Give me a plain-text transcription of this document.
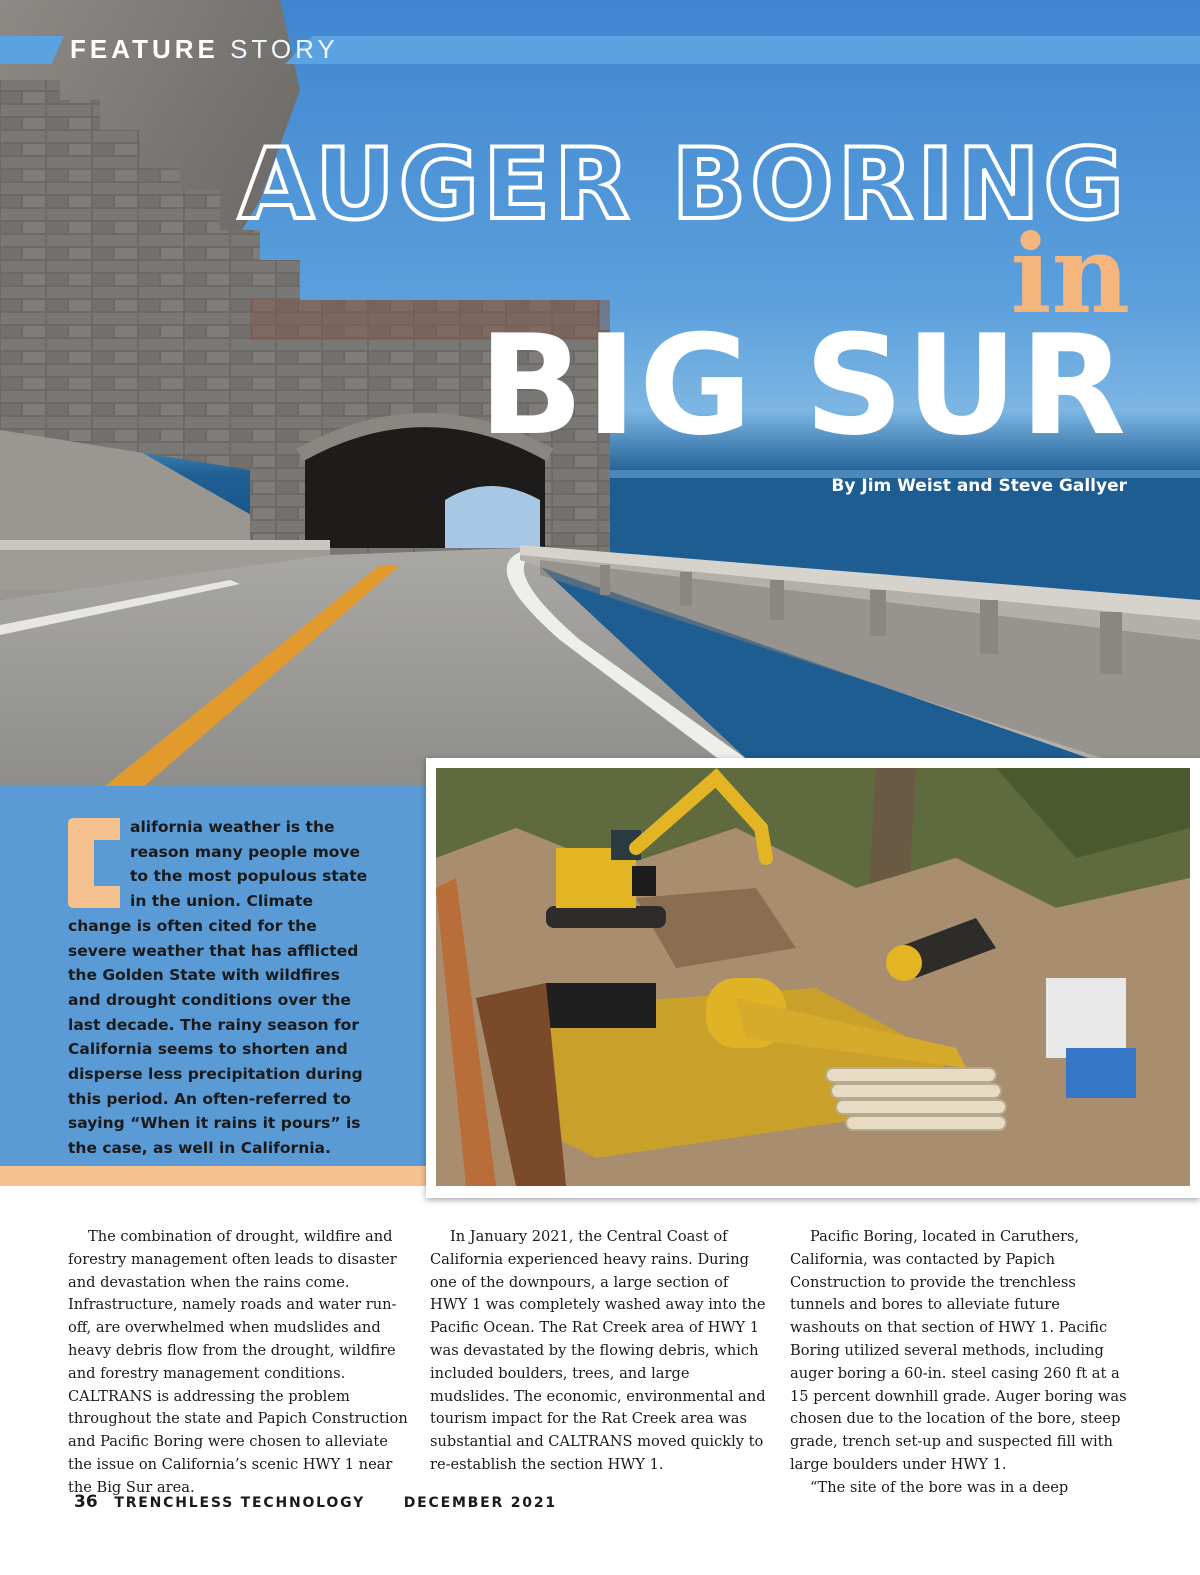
FEATURE STORY
AUGER BORING
in
BIG SUR
By Jim Weist and Steve Gallyer
alifornia weather is the reason many people move to the most populous state in the union. Climate change is often cited for the severe weather that has afflicted the Golden State with wildfires and drought conditions over the last decade. The rainy season for California seems to shorten and disperse less precipitation during this period. An often-referred to saying “When it rains it pours” is the case, as well in California.

The combination of drought, wildfire and forestry management often leads to disaster and devastation when the rains come. Infrastructure, namely roads and water run-off, are overwhelmed when mudslides and heavy debris flow from the drought, wildfire and forestry management conditions. CALTRANS is addressing the problem throughout the state and Papich Construction and Pacific Boring were chosen to alleviate the issue on California’s scenic HWY 1 near the Big Sur area.

In January 2021, the Central Coast of California experienced heavy rains. During one of the downpours, a large section of HWY 1 was completely washed away into the Pacific Ocean. The Rat Creek area of HWY 1 was devastated by the flowing debris, which included boulders, trees, and large mudslides. The economic, environmental and tourism impact for the Rat Creek area was substantial and CALTRANS moved quickly to re-establish the section HWY 1.

Pacific Boring, located in Caruthers, California, was contacted by Papich Construction to provide the trenchless tunnels and bores to alleviate future washouts on that section of HWY 1. Pacific Boring utilized several methods, including auger boring a 60-in. steel casing 260 ft at a 15 percent downhill grade. Auger boring was chosen due to the location of the bore, steep grade, trench set-up and suspected fill with large boulders under HWY 1.

“The site of the bore was in a deep

36 TRENCHLESS TECHNOLOGY	DECEMBER 2021
